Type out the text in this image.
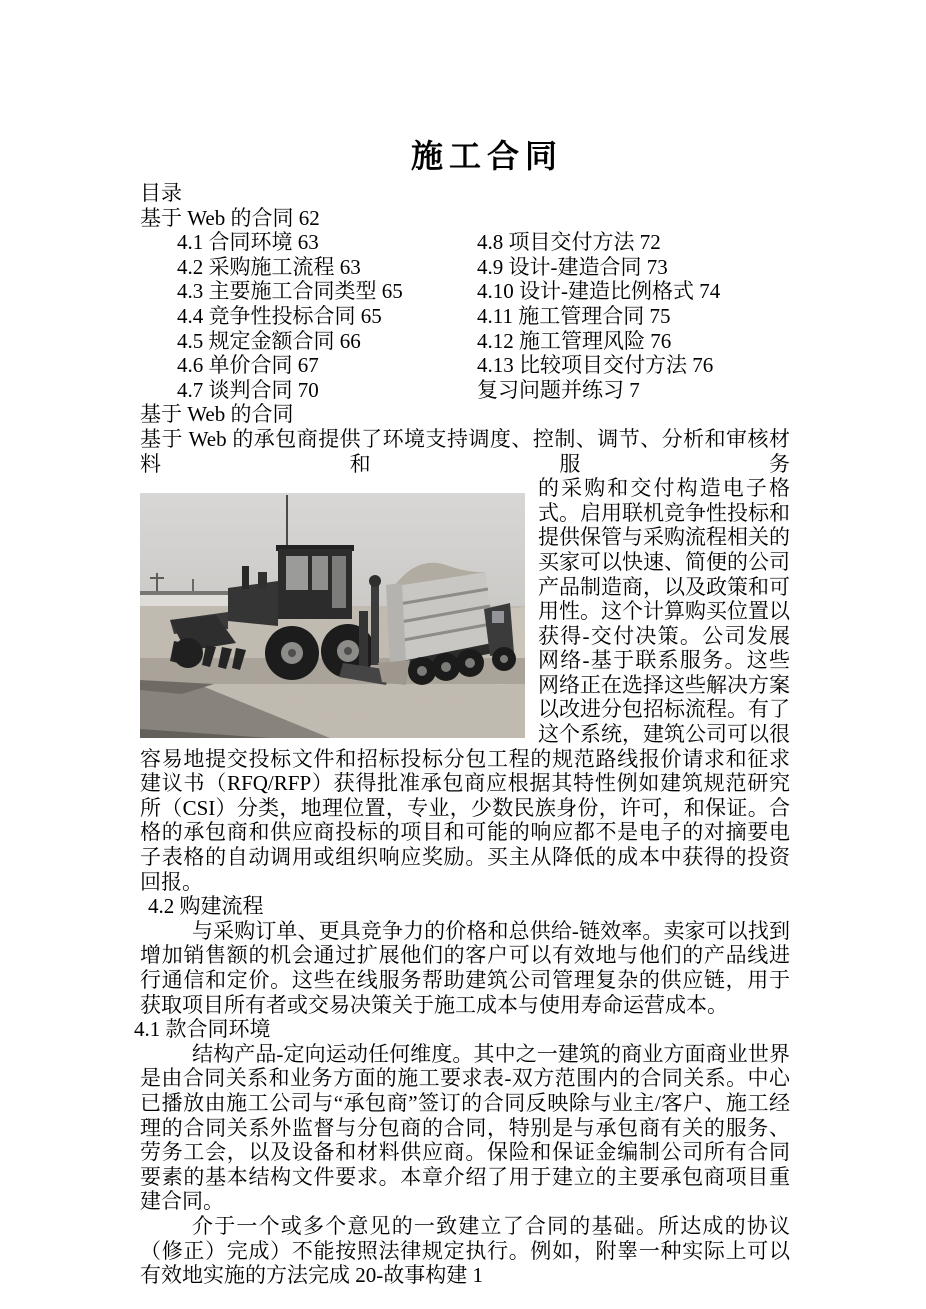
施工合同

目录

基于 Web 的合同 62

4.1 合同环境 63	4.8 项目交付方法 72
4.2 采购施工流程 63	4.9 设计-建造合同 73
4.3 主要施工合同类型 65	4.10 设计-建造比例格式 74
4.4 竞争性投标合同 65	4.11 施工管理合同 75
4.5 规定金额合同 66	4.12 施工管理风险 76
4.6 单价合同 67	4.13 比较项目交付方法 76
4.7 谈判合同 70	复习问题并练习 7

基于 Web 的合同

基于 Web 的承包商提供了环境支持调度、控制、调节、分析和审核材料和服务

的采购和交付构造电子格式。启用联机竞争性投标和提供保管与采购流程相关的买家可以快速、简便的公司产品制造商，以及政策和可用性。这个计算购买位置以获得-交付决策。公司发展网络-基于联系服务。这些网络正在选择这些解决方案以改进分包招标流程。有了这个系统，建筑公司可以很容易地提交投标文件和招标投标分包工程的规范路线报价请求和征求建议书（RFQ/RFP）获得批准承包商应根据其特性例如建筑规范研究所（CSI）分类，地理位置，专业，少数民族身份，许可，和保证。合格的承包商和供应商投标的项目和可能的响应都不是电子的对摘要电子表格的自动调用或组织响应奖励。买主从降低的成本中获得的投资回报。

4.2 购建流程

与采购订单、更具竞争力的价格和总供给-链效率。卖家可以找到增加销售额的机会通过扩展他们的客户可以有效地与他们的产品线进行通信和定价。这些在线服务帮助建筑公司管理复杂的供应链，用于获取项目所有者或交易决策关于施工成本与使用寿命运营成本。

4.1 款合同环境

结构产品-定向运动任何维度。其中之一建筑的商业方面商业世界是由合同关系和业务方面的施工要求表-双方范围内的合同关系。中心已播放由施工公司与“承包商”签订的合同反映除与业主/客户、施工经理的合同关系外监督与分包商的合同，特别是与承包商有关的服务、劳务工会，以及设备和材料供应商。保险和保证金编制公司所有合同要素的基本结构文件要求。本章介绍了用于建立的主要承包商项目重建合同。

介于一个或多个意见的一致建立了合同的基础。所达成的协议（修正）完成）不能按照法律规定执行。例如，附睾一种实际上可以有效地实施的方法完成 20-故事构建 1
